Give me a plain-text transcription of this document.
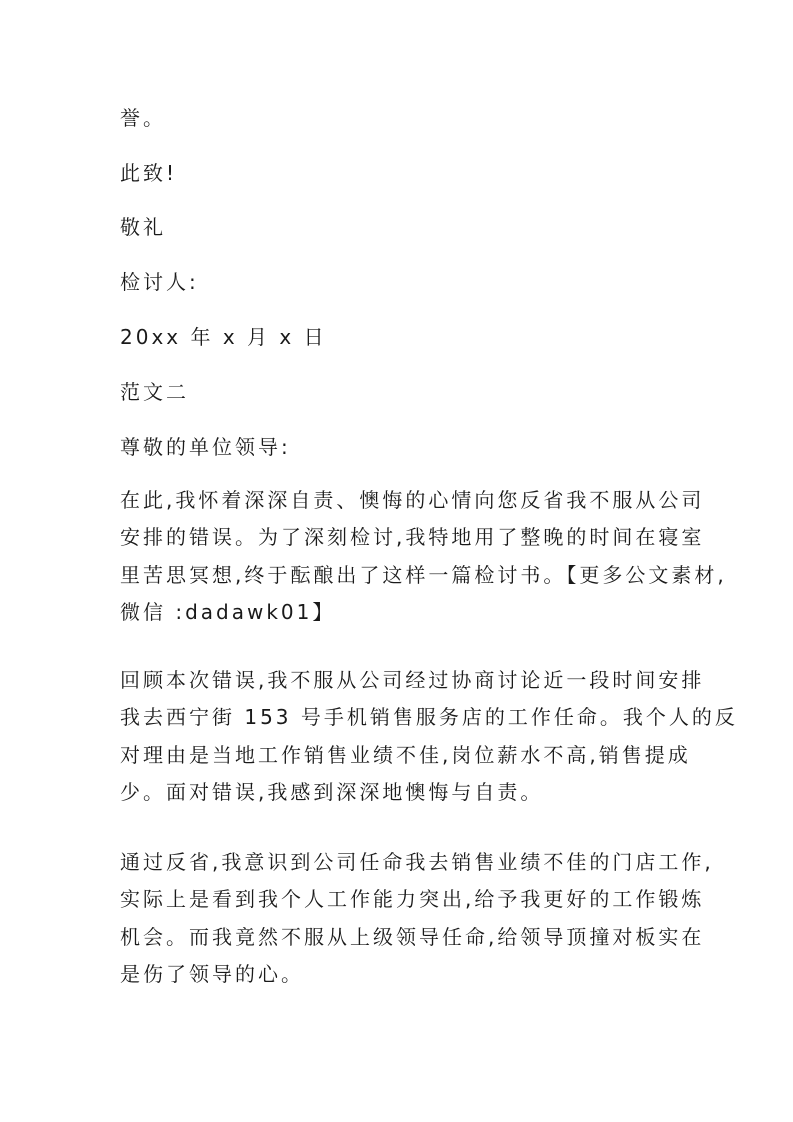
誉。
此致!
敬礼
检讨人:
20xx 年 x 月 x 日
范文二
尊敬的单位领导:
在此,我怀着深深自责、懊悔的心情向您反省我不服从公司
安排的错误。为了深刻检讨,我特地用了整晚的时间在寝室
里苦思冥想,终于酝酿出了这样一篇检讨书。【更多公文素材,
微信 :dadawk01】
回顾本次错误,我不服从公司经过协商讨论近一段时间安排
我去西宁街 153 号手机销售服务店的工作任命。我个人的反
对理由是当地工作销售业绩不佳,岗位薪水不高,销售提成
少。面对错误,我感到深深地懊悔与自责。
通过反省,我意识到公司任命我去销售业绩不佳的门店工作,
实际上是看到我个人工作能力突出,给予我更好的工作锻炼
机会。而我竟然不服从上级领导任命,给领导顶撞对板实在
是伤了领导的心。
